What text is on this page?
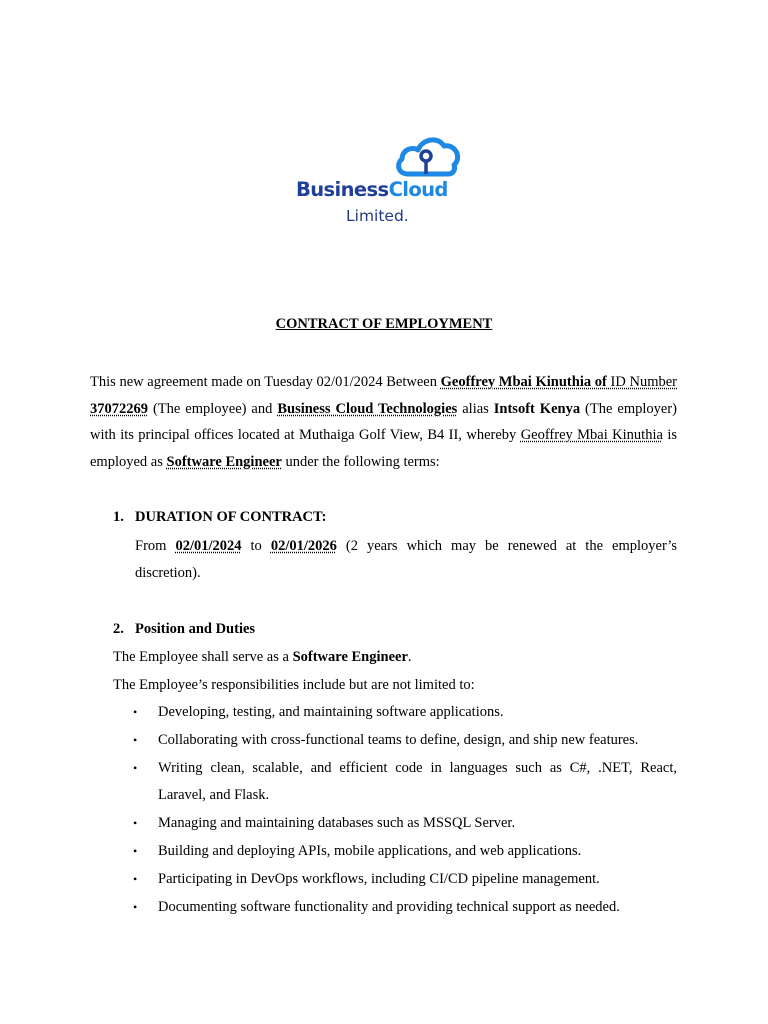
BusinessCloud
Limited.
CONTRACT OF EMPLOYMENT
This new agreement made on Tuesday 02/01/2024 Between Geoffrey Mbai Kinuthia of ID Number 37072269 (The employee) and Business Cloud Technologies alias Intsoft Kenya (The employer) with its principal offices located at Muthaiga Golf View, B4 II, whereby Geoffrey Mbai Kinuthia is employed as Software Engineer under the following terms:
1. DURATION OF CONTRACT:
From 02/01/2024 to 02/01/2026 (2 years which may be renewed at the employer’s discretion).
2. Position and Duties
The Employee shall serve as a Software Engineer.
The Employee’s responsibilities include but are not limited to:
• Developing, testing, and maintaining software applications.
• Collaborating with cross-functional teams to define, design, and ship new features.
• Writing clean, scalable, and efficient code in languages such as C#, .NET, React, Laravel, and Flask.
• Managing and maintaining databases such as MSSQL Server.
• Building and deploying APIs, mobile applications, and web applications.
• Participating in DevOps workflows, including CI/CD pipeline management.
• Documenting software functionality and providing technical support as needed.
